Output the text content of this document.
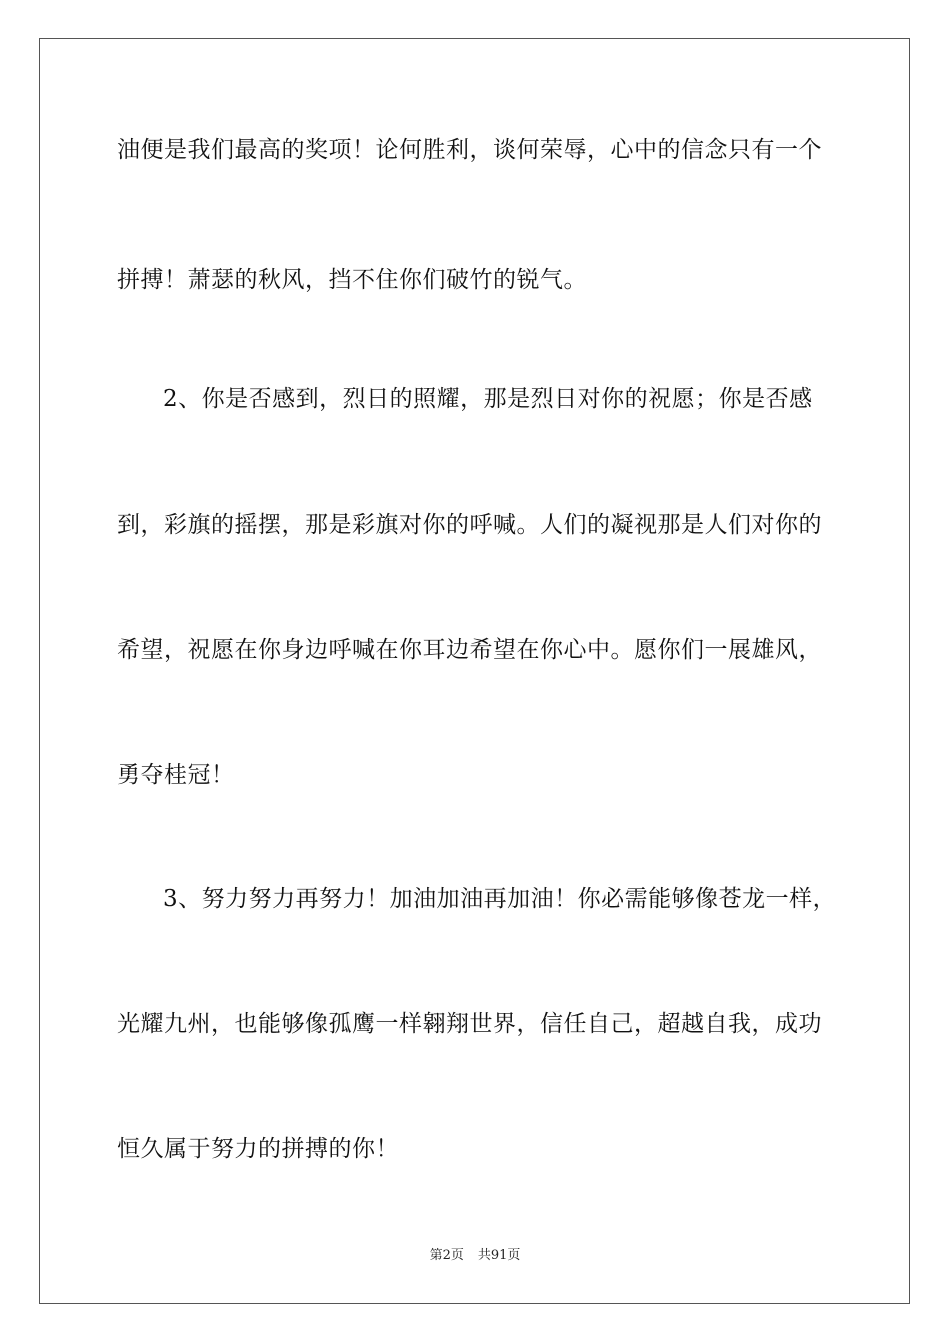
油便是我们最高的奖项！论何胜利，谈何荣辱，心中的信念只有一个
拼搏！萧瑟的秋风，挡不住你们破竹的锐气。
2、你是否感到，烈日的照耀，那是烈日对你的祝愿；你是否感
到，彩旗的摇摆，那是彩旗对你的呼喊。人们的凝视那是人们对你的
希望，祝愿在你身边呼喊在你耳边希望在你心中。愿你们一展雄风，
勇夺桂冠！
3、努力努力再努力！加油加油再加油！你必需能够像苍龙一样，
光耀九州，也能够像孤鹰一样翱翔世界，信任自己，超越自我，成功
恒久属于努力的拼搏的你！
第2页 共91页
